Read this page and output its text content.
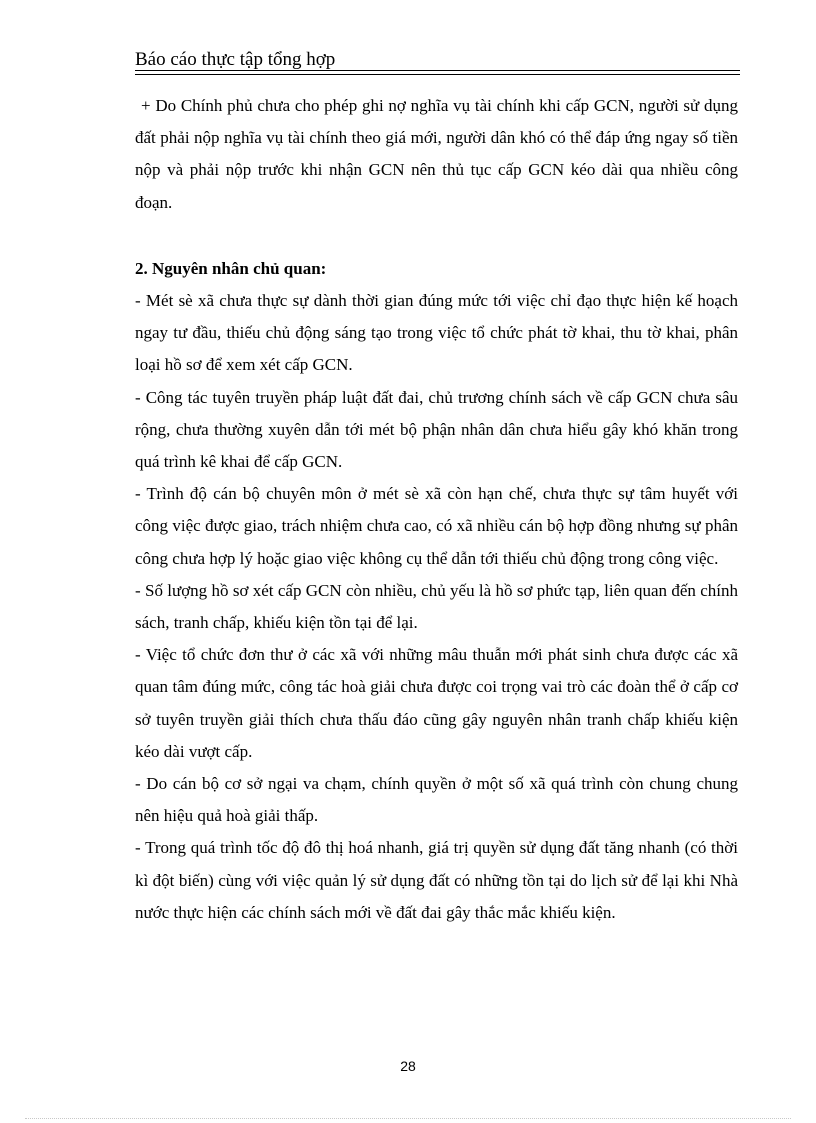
Báo cáo thực tập tổng hợp

+ Do Chính phủ chưa cho phép ghi nợ nghĩa vụ tài chính khi cấp GCN, người sử dụng đất phải nộp nghĩa vụ tài chính theo giá mới, người dân khó có thể đáp ứng ngay số tiền nộp và phải nộp trước khi nhận GCN nên thủ tục cấp GCN kéo dài qua nhiều công đoạn.

2. Nguyên nhân chủ quan:

- Mét sè xã chưa thực sự dành thời gian đúng mức tới việc chỉ đạo thực hiện kế hoạch ngay tư đầu, thiếu chủ động sáng tạo trong việc tổ chức phát tờ khai, thu tờ khai, phân loại hồ sơ để xem xét cấp GCN.

- Công tác tuyên truyền pháp luật đất đai, chủ trương chính sách về cấp GCN chưa sâu rộng, chưa thường xuyên dẫn tới mét bộ phận nhân dân chưa hiểu gây khó khăn trong quá trình kê khai để cấp GCN.

- Trình độ cán bộ chuyên môn ở mét sè xã còn hạn chế, chưa thực sự tâm huyết với công việc được giao, trách nhiệm chưa cao, có xã nhiều cán bộ hợp đồng nhưng sự phân công chưa hợp lý hoặc giao việc không cụ thể dẫn tới thiếu chủ động trong công việc.

- Số lượng hồ sơ xét cấp GCN còn nhiều, chủ yếu là hồ sơ phức tạp, liên quan đến chính sách, tranh chấp, khiếu kiện tồn tại để lại.

- Việc tổ chức đơn thư ở các xã với những mâu thuẫn mới phát sinh chưa được các xã quan tâm đúng mức, công tác hoà giải chưa được coi trọng vai trò các đoàn thể ở cấp cơ sở tuyên truyền giải thích chưa thấu đáo cũng gây nguyên nhân tranh chấp khiếu kiện kéo dài vượt cấp.

- Do cán bộ cơ sở ngại va chạm, chính quyền ở một số xã quá trình còn chung chung nên hiệu quả hoà giải thấp.

- Trong quá trình tốc độ đô thị hoá nhanh, giá trị quyền sử dụng đất tăng nhanh (có thời kì đột biến) cùng với việc quản lý sử dụng đất có những tồn tại do lịch sử để lại khi Nhà nước thực hiện các chính sách mới về đất đai gây thắc mắc khiếu kiện.

28
